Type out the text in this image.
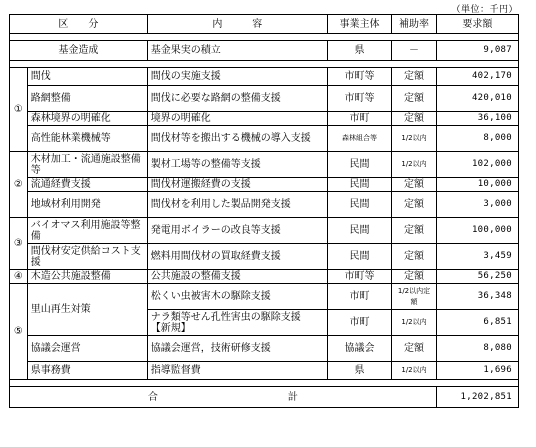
（単位：千円）
区　　分		内　　　容	事業主体	補助率	要求額

基金造成		基金果実の積立	県	－	9,087

①	間伐	間伐の実施支援	市町等	定額	402,170
	路網整備	間伐に必要な路網の整備支援	市町等	定額	420,010
	森林境界の明確化	境界の明確化	市町	定額	36,100
	高性能林業機械等	間伐材等を搬出する機械の導入支援	森林組合等	1/2以内	8,000
②	木材加工・流通施設整備等	製材工場等の整備等支援	民間	1/2以内	102,000
	流通経費支援	間伐材運搬経費の支援	民間	定額	10,000
	地域材利用開発	間伐材を利用した製品開発支援	民間	定額	3,000
③	バイオマス利用施設等整備	発電用ボイラーの改良等支援	民間	定額	100,000
	間伐材安定供給コスト支援	燃料用間伐材の買取経費支援	民間	定額	3,459
④	木造公共施設整備	公共施設の整備支援	市町等	定額	56,250
⑤	里山再生対策	松くい虫被害木の駆除支援	市町	1/2以内定額	36,348
		ナラ類等せん孔性害虫の駆除支援　【新規】	市町	1/2以内	6,851
	協議会運営	協議会運営，技術研修支援	協議会	定額	8,080
	県事務費	指導監督費	県	1/2以内	1,696

合　　　　　　　　　　　　　計					1,202,851
